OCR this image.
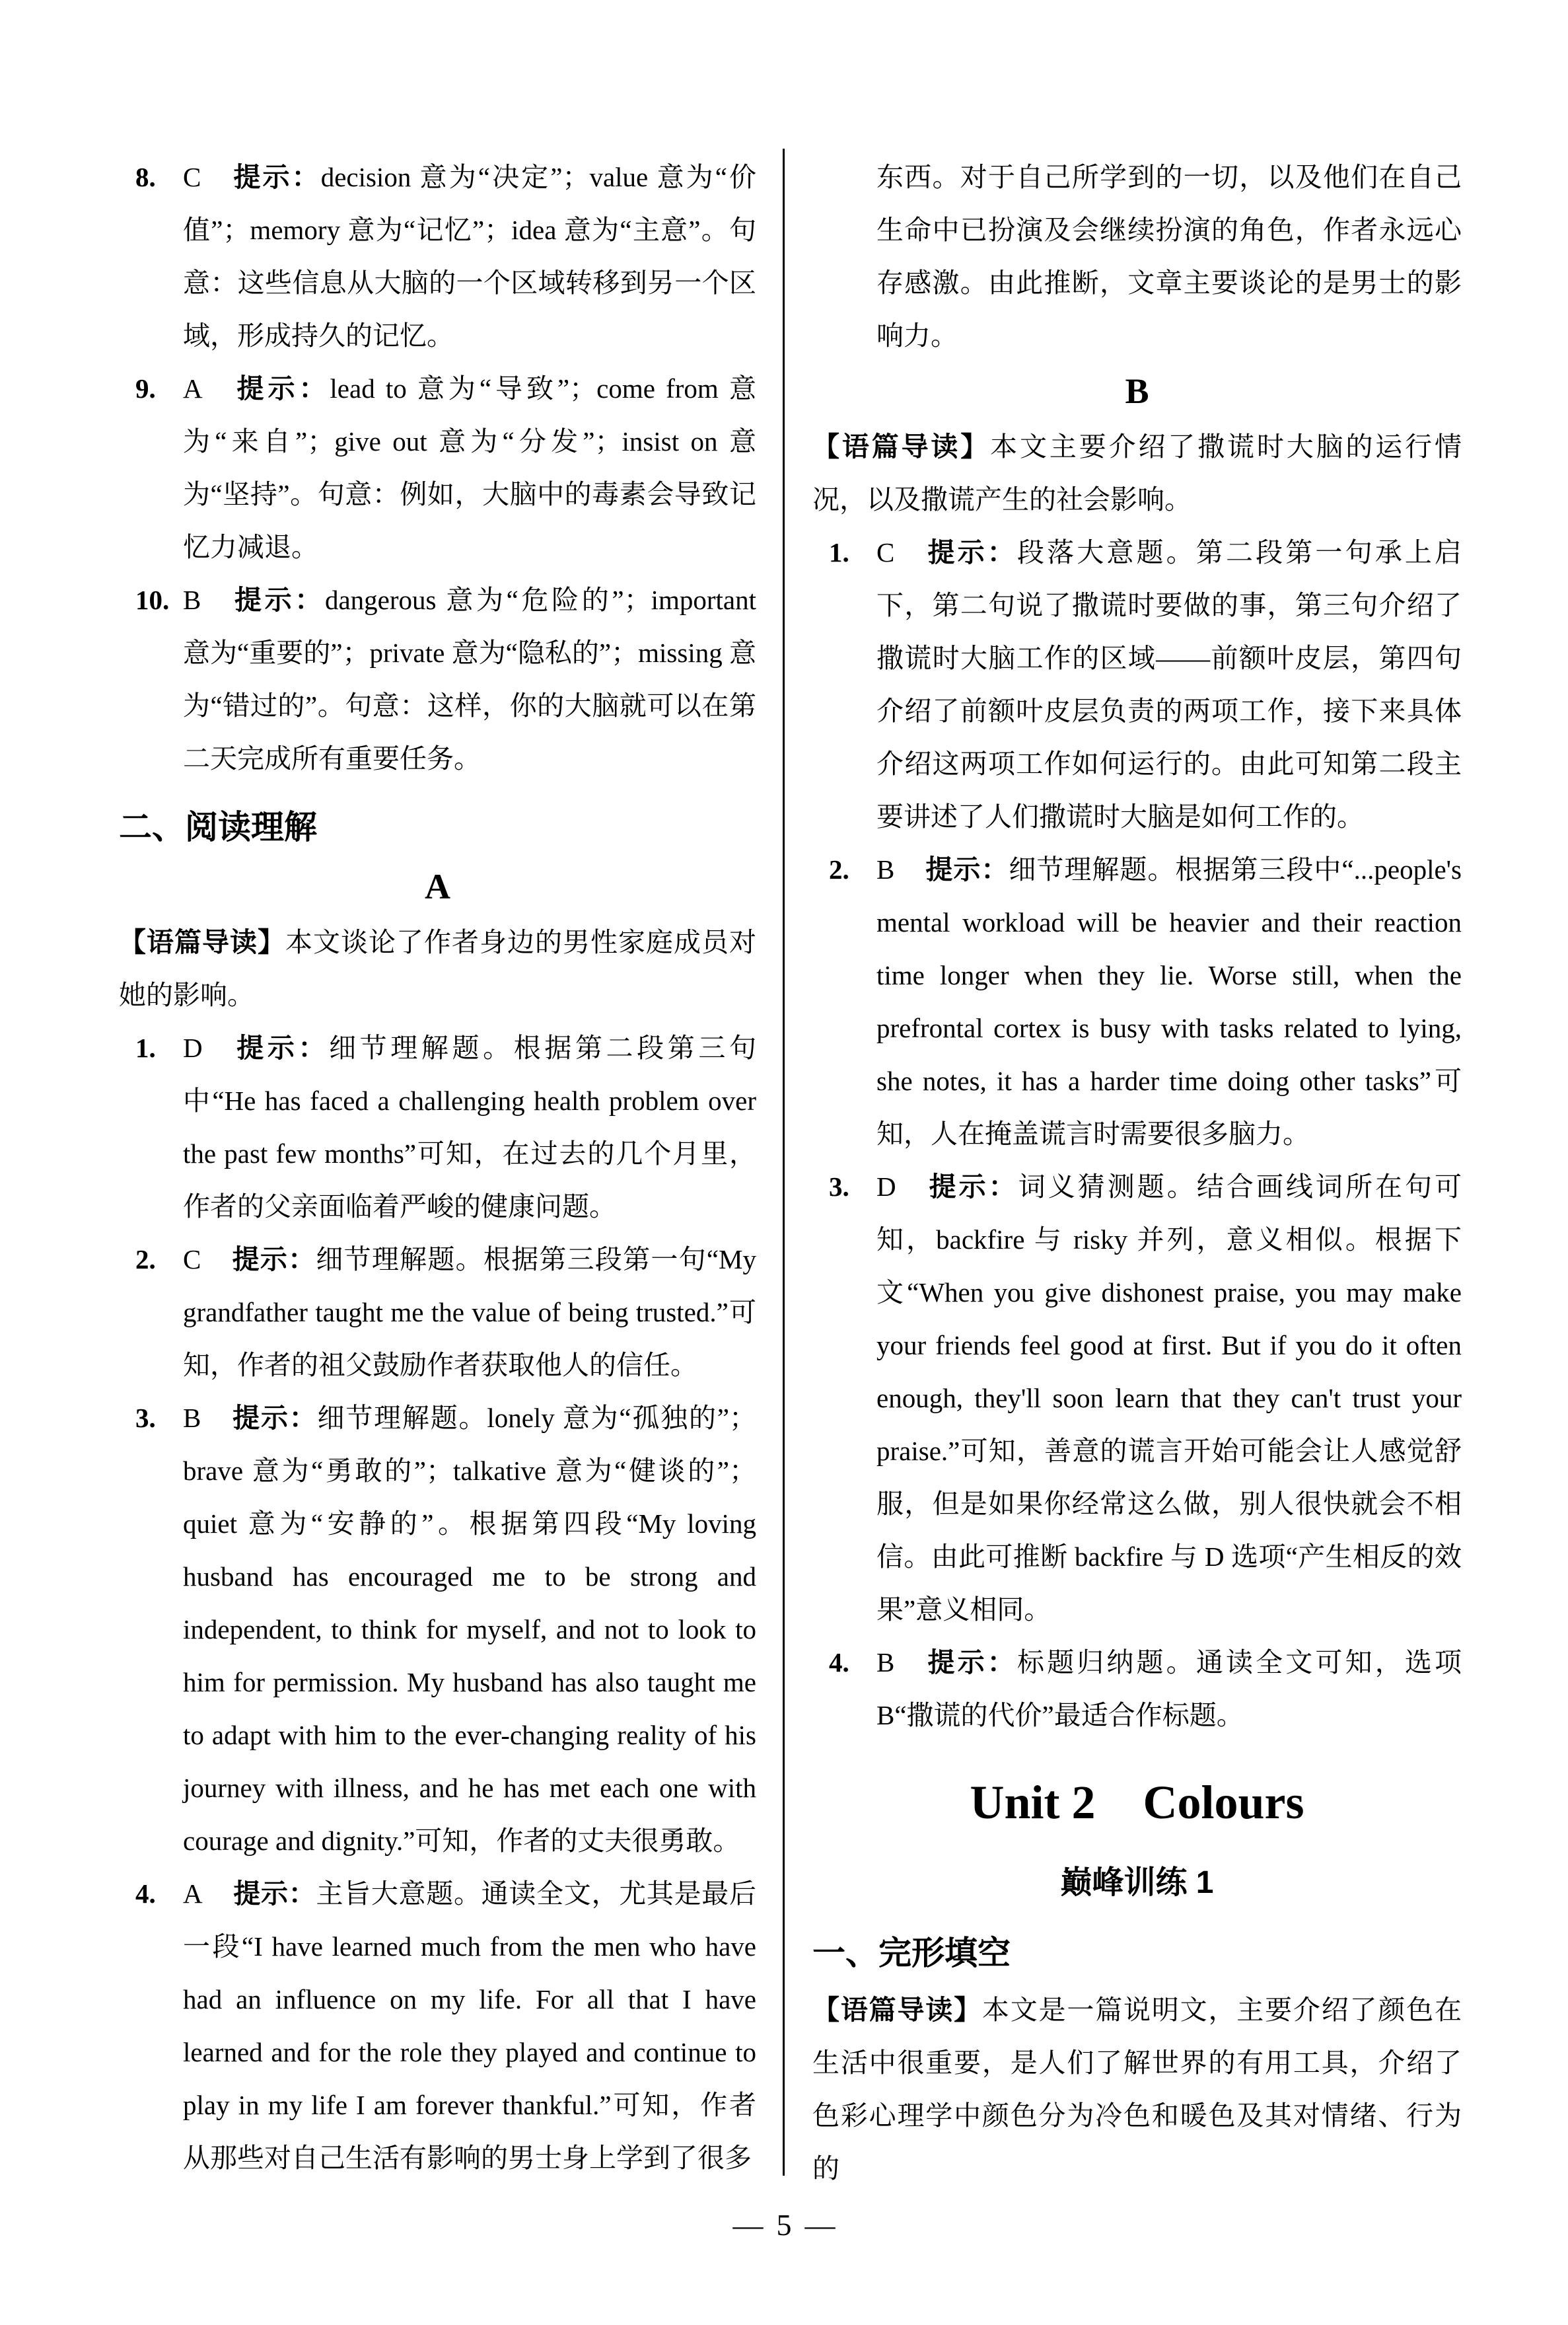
8. C 提示：decision 意为“决定”；value 意为“价值”；memory 意为“记忆”；idea 意为“主意”。句意：这些信息从大脑的一个区域转移到另一个区域，形成持久的记忆。

9. A 提示：lead to 意为“导致”；come from 意为“来自”；give out 意为“分发”；insist on 意为“坚持”。句意：例如，大脑中的毒素会导致记忆力减退。

10. B 提示：dangerous 意为“危险的”；important 意为“重要的”；private 意为“隐私的”；missing 意为“错过的”。句意：这样，你的大脑就可以在第二天完成所有重要任务。

二、阅读理解

A

【语篇导读】本文谈论了作者身边的男性家庭成员对她的影响。

1. D 提示：细节理解题。根据第二段第三句中“He has faced a challenging health problem over the past few months”可知，在过去的几个月里，作者的父亲面临着严峻的健康问题。

2. C 提示：细节理解题。根据第三段第一句“My grandfather taught me the value of being trusted.”可知，作者的祖父鼓励作者获取他人的信任。

3. B 提示：细节理解题。lonely 意为“孤独的”；brave 意为“勇敢的”；talkative 意为“健谈的”；quiet 意为“安静的”。根据第四段“My loving husband has encouraged me to be strong and independent, to think for myself, and not to look to him for permission. My husband has also taught me to adapt with him to the ever-changing reality of his journey with illness, and he has met each one with courage and dignity.”可知，作者的丈夫很勇敢。

4. A 提示：主旨大意题。通读全文，尤其是最后一段“I have learned much from the men who have had an influence on my life. For all that I have learned and for the role they played and continue to play in my life I am forever thankful.”可知，作者从那些对自己生活有影响的男士身上学到了很多

东西。对于自己所学到的一切，以及他们在自己生命中已扮演及会继续扮演的角色，作者永远心存感激。由此推断，文章主要谈论的是男士的影响力。

B

【语篇导读】本文主要介绍了撒谎时大脑的运行情况，以及撒谎产生的社会影响。

1. C 提示：段落大意题。第二段第一句承上启下，第二句说了撒谎时要做的事，第三句介绍了撒谎时大脑工作的区域——前额叶皮层，第四句介绍了前额叶皮层负责的两项工作，接下来具体介绍这两项工作如何运行的。由此可知第二段主要讲述了人们撒谎时大脑是如何工作的。

2. B 提示：细节理解题。根据第三段中“...people's mental workload will be heavier and their reaction time longer when they lie. Worse still, when the prefrontal cortex is busy with tasks related to lying, she notes, it has a harder time doing other tasks”可知，人在掩盖谎言时需要很多脑力。

3. D 提示：词义猜测题。结合画线词所在句可知，backfire 与 risky 并列，意义相似。根据下文“When you give dishonest praise, you may make your friends feel good at first. But if you do it often enough, they'll soon learn that they can't trust your praise.”可知，善意的谎言开始可能会让人感觉舒服，但是如果你经常这么做，别人很快就会不相信。由此可推断 backfire 与 D 选项“产生相反的效果”意义相同。

4. B 提示：标题归纳题。通读全文可知，选项 B“撒谎的代价”最适合作标题。

Unit 2　Colours

巅峰训练 1

一、完形填空

【语篇导读】本文是一篇说明文，主要介绍了颜色在生活中很重要，是人们了解世界的有用工具，介绍了色彩心理学中颜色分为冷色和暖色及其对情绪、行为的

— 5 —
